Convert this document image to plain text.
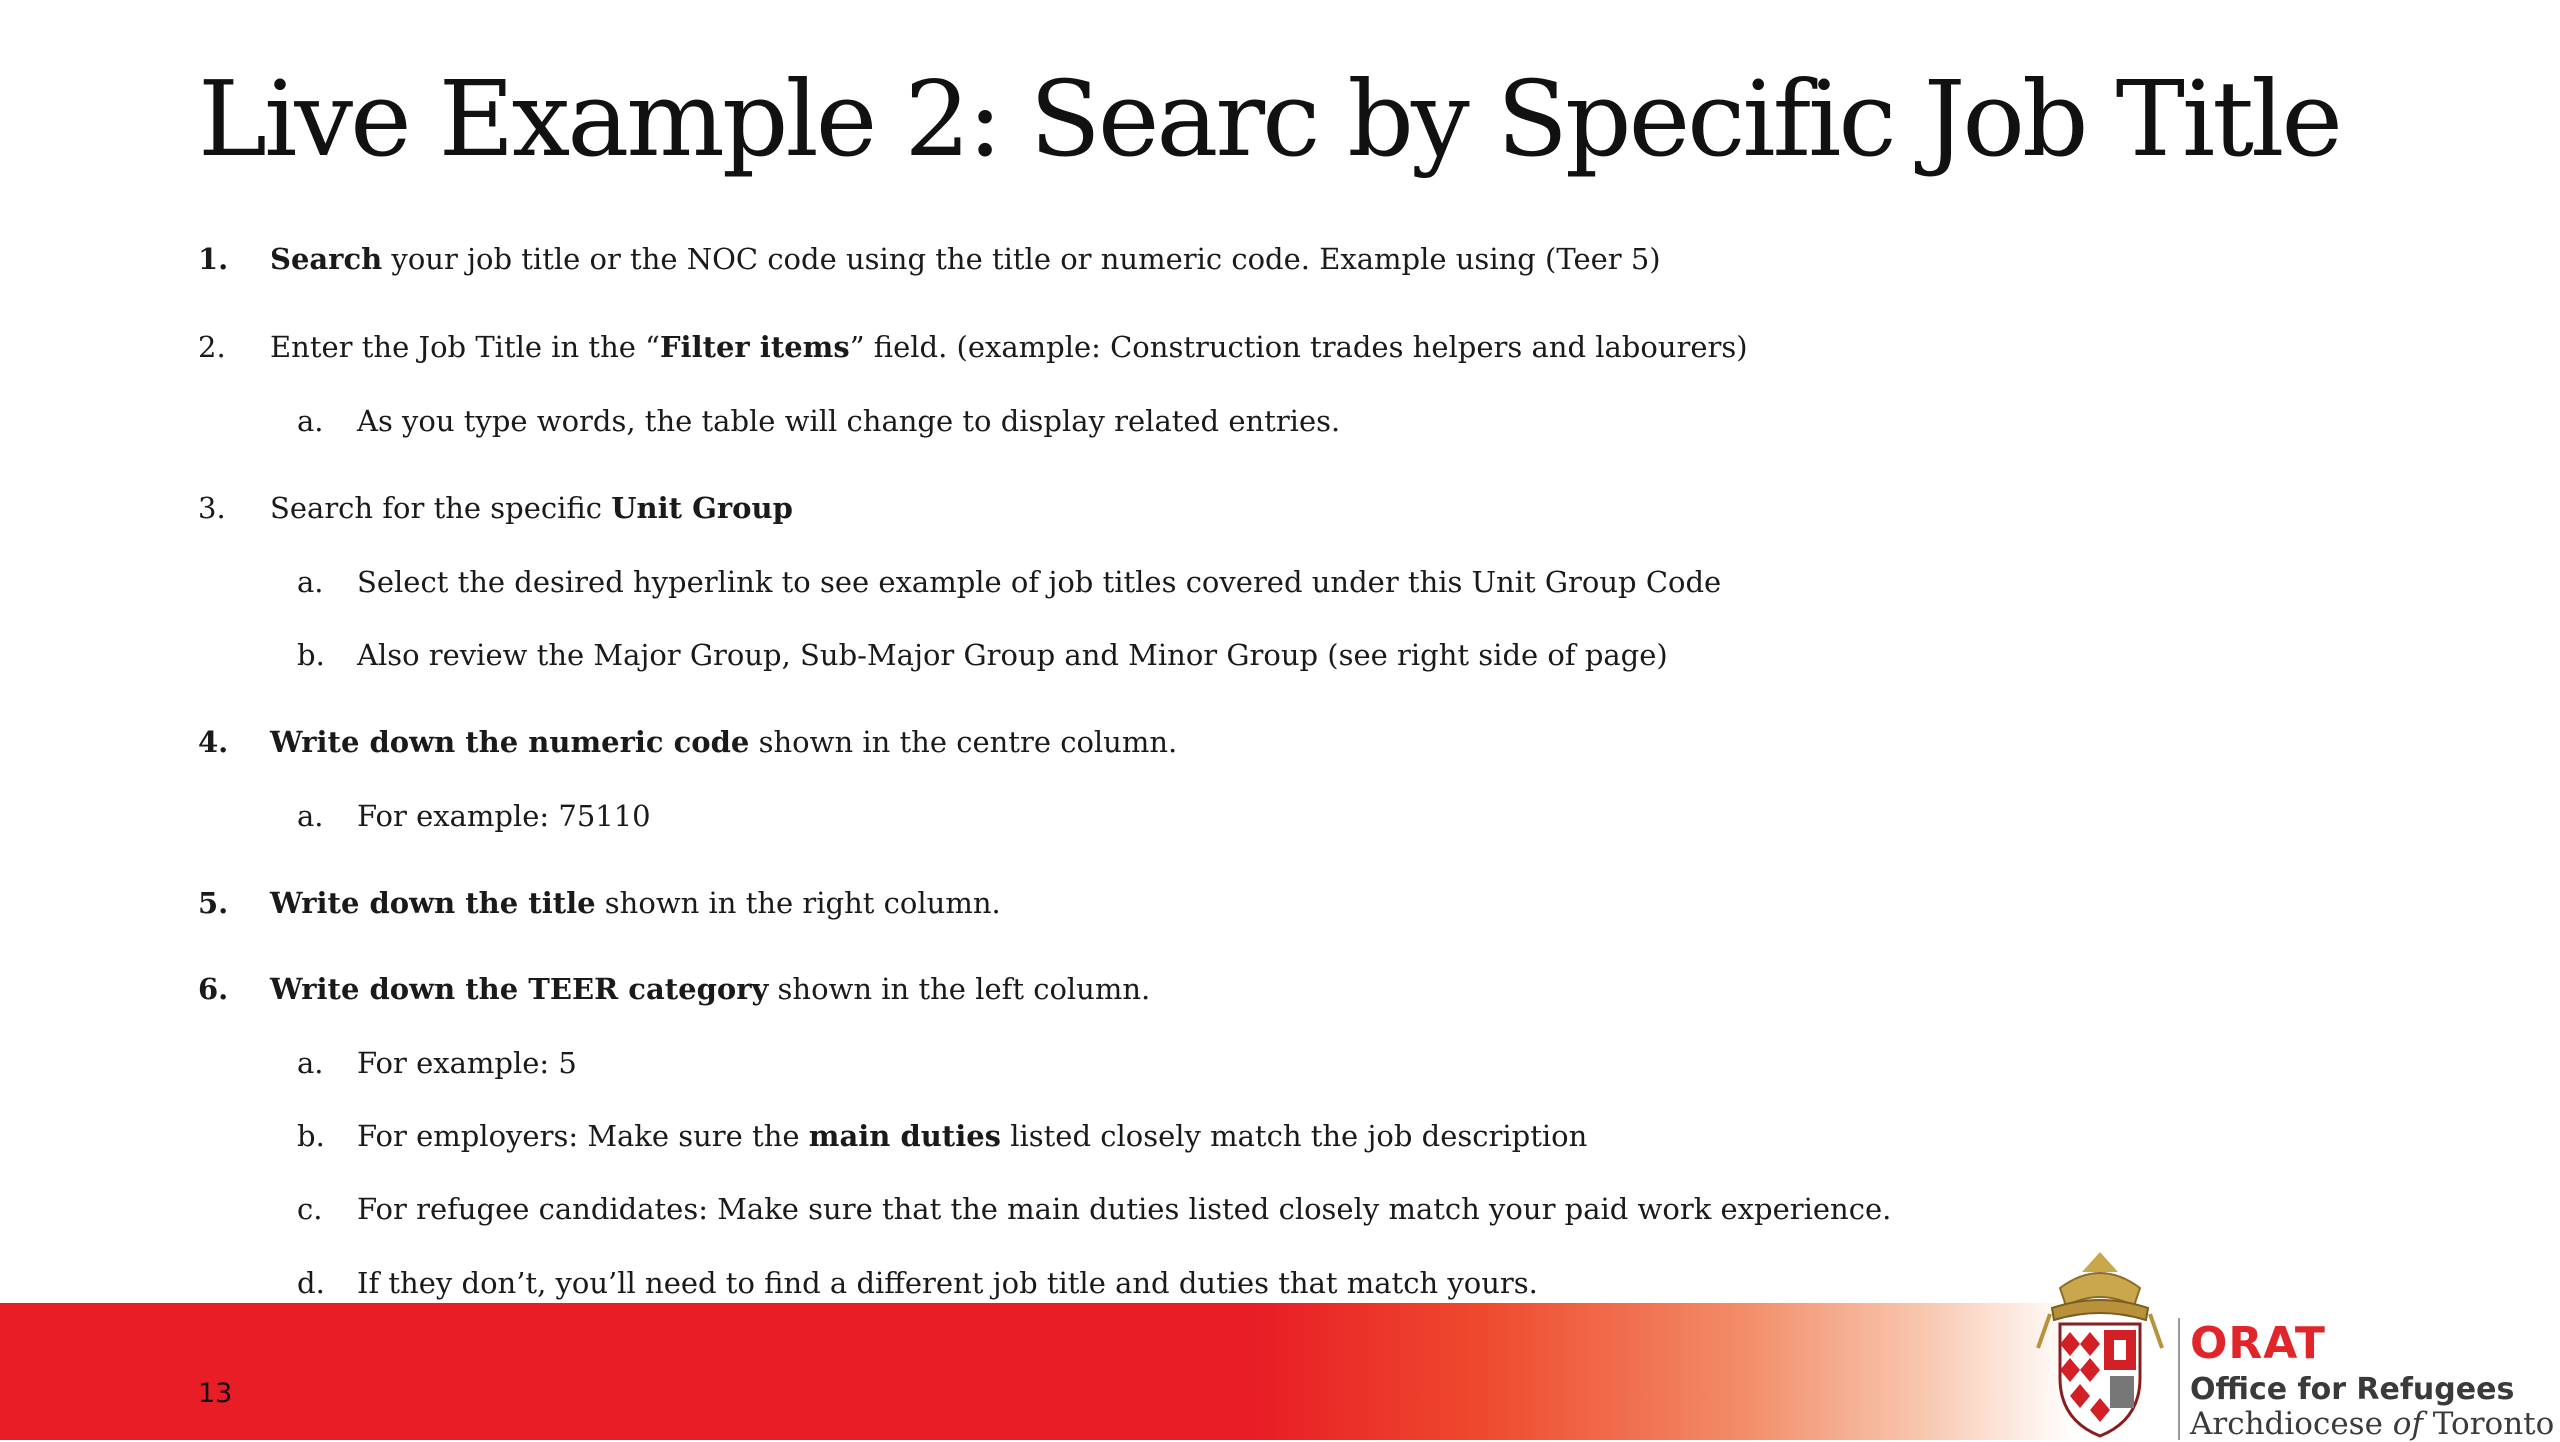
Live Example 2: Searc by Specific Job Title
1. Search your job title or the NOC code using the title or numeric code. Example using (Teer 5)
2. Enter the Job Title in the “Filter items” field. (example: Construction trades helpers and labourers)
a. As you type words, the table will change to display related entries.
3. Search for the specific Unit Group
a. Select the desired hyperlink to see example of job titles covered under this Unit Group Code
b. Also review the Major Group, Sub-Major Group and Minor Group (see right side of page)
4. Write down the numeric code shown in the centre column.
a. For example: 75110
5. Write down the title shown in the right column.
6. Write down the TEER category shown in the left column.
a. For example: 5
b. For employers: Make sure the main duties listed closely match the job description
c. For refugee candidates: Make sure that the main duties listed closely match your paid work experience.
d. If they don’t, you’ll need to find a different job title and duties that match yours.
13
ORAT
Office for Refugees
Archdiocese of Toronto
